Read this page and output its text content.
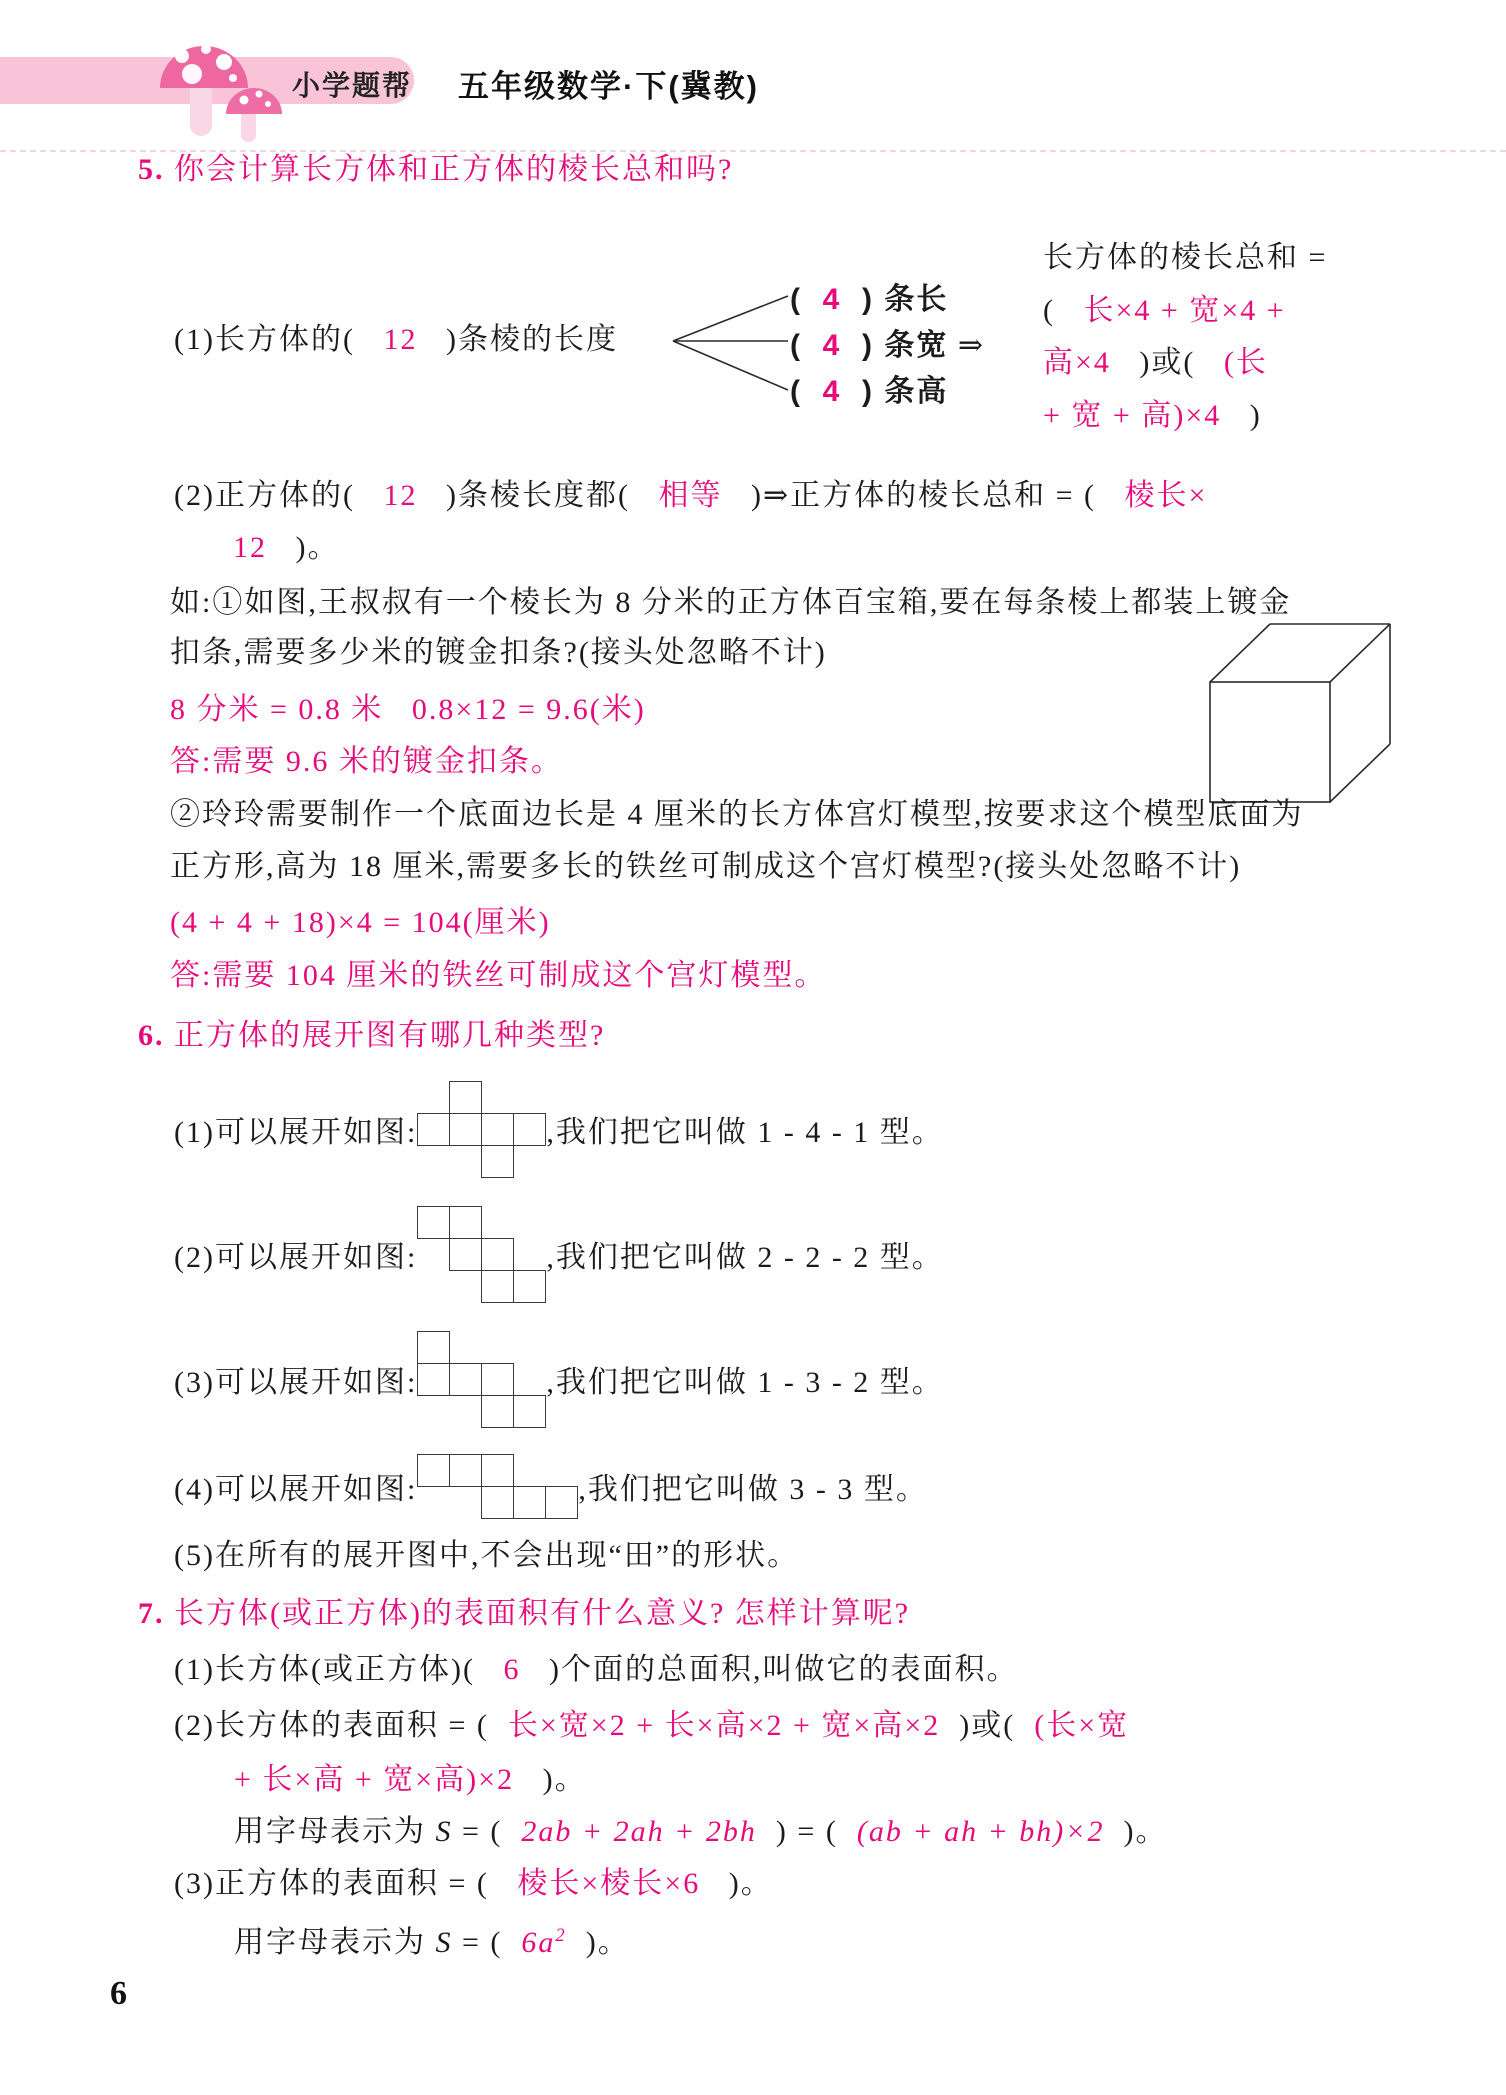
小学题帮 五年级数学·下(冀教)
5. 你会计算长方体和正方体的棱长总和吗?
(1)长方体的(   12   )条棱的长度
(  4  ) 条长
(  4  ) 条宽 ⇒
(  4  ) 条高
长方体的棱长总和 =
(   长×4 + 宽×4 +
高×4   )或(   (长
+ 宽 + 高)×4   )
(2)正方体的(   12   )条棱长度都(   相等   )⇒正方体的棱长总和 = (   棱长×
12   )。
如:①如图,王叔叔有一个棱长为 8 分米的正方体百宝箱,要在每条棱上都装上镀金
扣条,需要多少米的镀金扣条?(接头处忽略不计)
8 分米 = 0.8 米   0.8×12 = 9.6(米)
答:需要 9.6 米的镀金扣条。
②玲玲需要制作一个底面边长是 4 厘米的长方体宫灯模型,按要求这个模型底面为
正方形,高为 18 厘米,需要多长的铁丝可制成这个宫灯模型?(接头处忽略不计)
(4 + 4 + 18)×4 = 104(厘米)
答:需要 104 厘米的铁丝可制成这个宫灯模型。
6. 正方体的展开图有哪几种类型?
(1)可以展开如图:	,我们把它叫做 1 - 4 - 1 型。
(2)可以展开如图:	,我们把它叫做 2 - 2 - 2 型。
(3)可以展开如图:	,我们把它叫做 1 - 3 - 2 型。
(4)可以展开如图:	,我们把它叫做 3 - 3 型。
(5)在所有的展开图中,不会出现“田”的形状。
7. 长方体(或正方体)的表面积有什么意义? 怎样计算呢?
(1)长方体(或正方体)(   6   )个面的总面积,叫做它的表面积。
(2)长方体的表面积 = (  长×宽×2 + 长×高×2 + 宽×高×2  )或(  (长×宽
+ 长×高 + 宽×高)×2   )。
用字母表示为 S = (  2ab + 2ah + 2bh  ) = (  (ab + ah + bh)×2  )。
(3)正方体的表面积 = (   棱长×棱长×6   )。
用字母表示为 S = (  $6a^2$  )。
6
